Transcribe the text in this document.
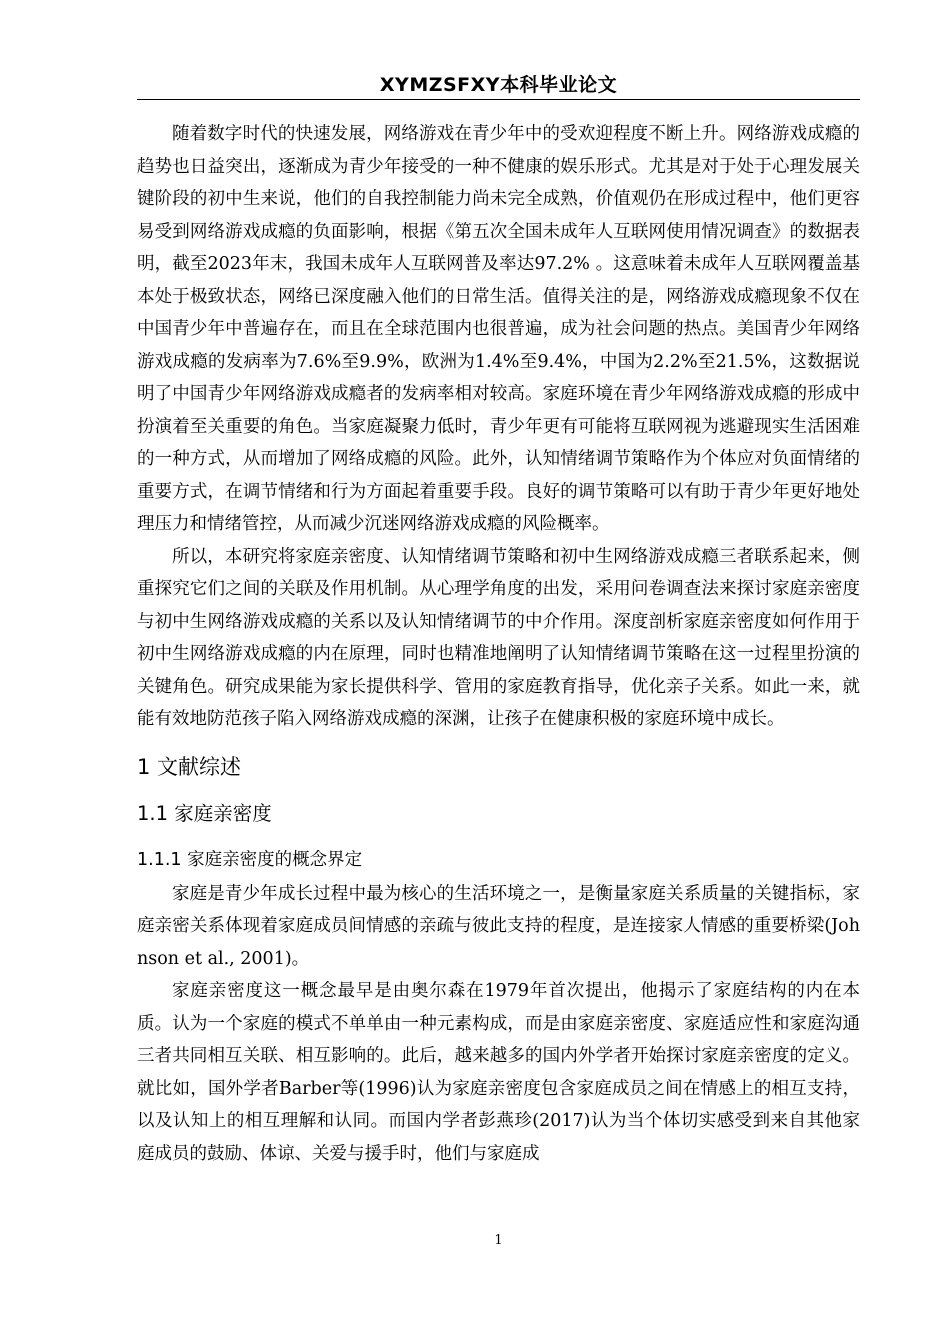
XYMZSFXY本科毕业论文

随着数字时代的快速发展，网络游戏在青少年中的受欢迎程度不断上升。网络游戏成瘾的趋势也日益突出，逐渐成为青少年接受的一种不健康的娱乐形式。尤其是对于处于心理发展关键阶段的初中生来说，他们的自我控制能力尚未完全成熟，价值观仍在形成过程中，他们更容易受到网络游戏成瘾的负面影响，根据《第五次全国未成年人互联网使用情况调查》的数据表明，截至2023年末，我国未成年人互联网普及率达97.2% 。这意味着未成年人互联网覆盖基本处于极致状态，网络已深度融入他们的日常生活。值得关注的是，网络游戏成瘾现象不仅在中国青少年中普遍存在，而且在全球范围内也很普遍，成为社会问题的热点。美国青少年网络游戏成瘾的发病率为7.6%至9.9%，欧洲为1.4%至9.4%，中国为2.2%至21.5%，这数据说明了中国青少年网络游戏成瘾者的发病率相对较高。家庭环境在青少年网络游戏成瘾的形成中扮演着至关重要的角色。当家庭凝聚力低时，青少年更有可能将互联网视为逃避现实生活困难的一种方式，从而增加了网络成瘾的风险。此外，认知情绪调节策略作为个体应对负面情绪的重要方式，在调节情绪和行为方面起着重要手段。良好的调节策略可以有助于青少年更好地处理压力和情绪管控，从而减少沉迷网络游戏成瘾的风险概率。

所以，本研究将家庭亲密度、认知情绪调节策略和初中生网络游戏成瘾三者联系起来，侧重探究它们之间的关联及作用机制。从心理学角度的出发，采用问卷调查法来探讨家庭亲密度与初中生网络游戏成瘾的关系以及认知情绪调节的中介作用。深度剖析家庭亲密度如何作用于初中生网络游戏成瘾的内在原理，同时也精准地阐明了认知情绪调节策略在这一过程里扮演的关键角色。研究成果能为家长提供科学、管用的家庭教育指导，优化亲子关系。如此一来，就能有效地防范孩子陷入网络游戏成瘾的深渊，让孩子在健康积极的家庭环境中成长。

1 文献综述
1.1 家庭亲密度
1.1.1 家庭亲密度的概念界定

家庭是青少年成长过程中最为核心的生活环境之一，是衡量家庭关系质量的关键指标，家庭亲密关系体现着家庭成员间情感的亲疏与彼此支持的程度，是连接家人情感的重要桥梁(Johnson et al., 2001)。

家庭亲密度这一概念最早是由奥尔森在1979年首次提出，他揭示了家庭结构的内在本质。认为一个家庭的模式不单单由一种元素构成，而是由家庭亲密度、家庭适应性和家庭沟通三者共同相互关联、相互影响的。此后，越来越多的国内外学者开始探讨家庭亲密度的定义。就比如，国外学者Barber等(1996)认为家庭亲密度包含家庭成员之间在情感上的相互支持，以及认知上的相互理解和认同。而国内学者彭燕珍(2017)认为当个体切实感受到来自其他家庭成员的鼓励、体谅、关爱与援手时，他们与家庭成

1
